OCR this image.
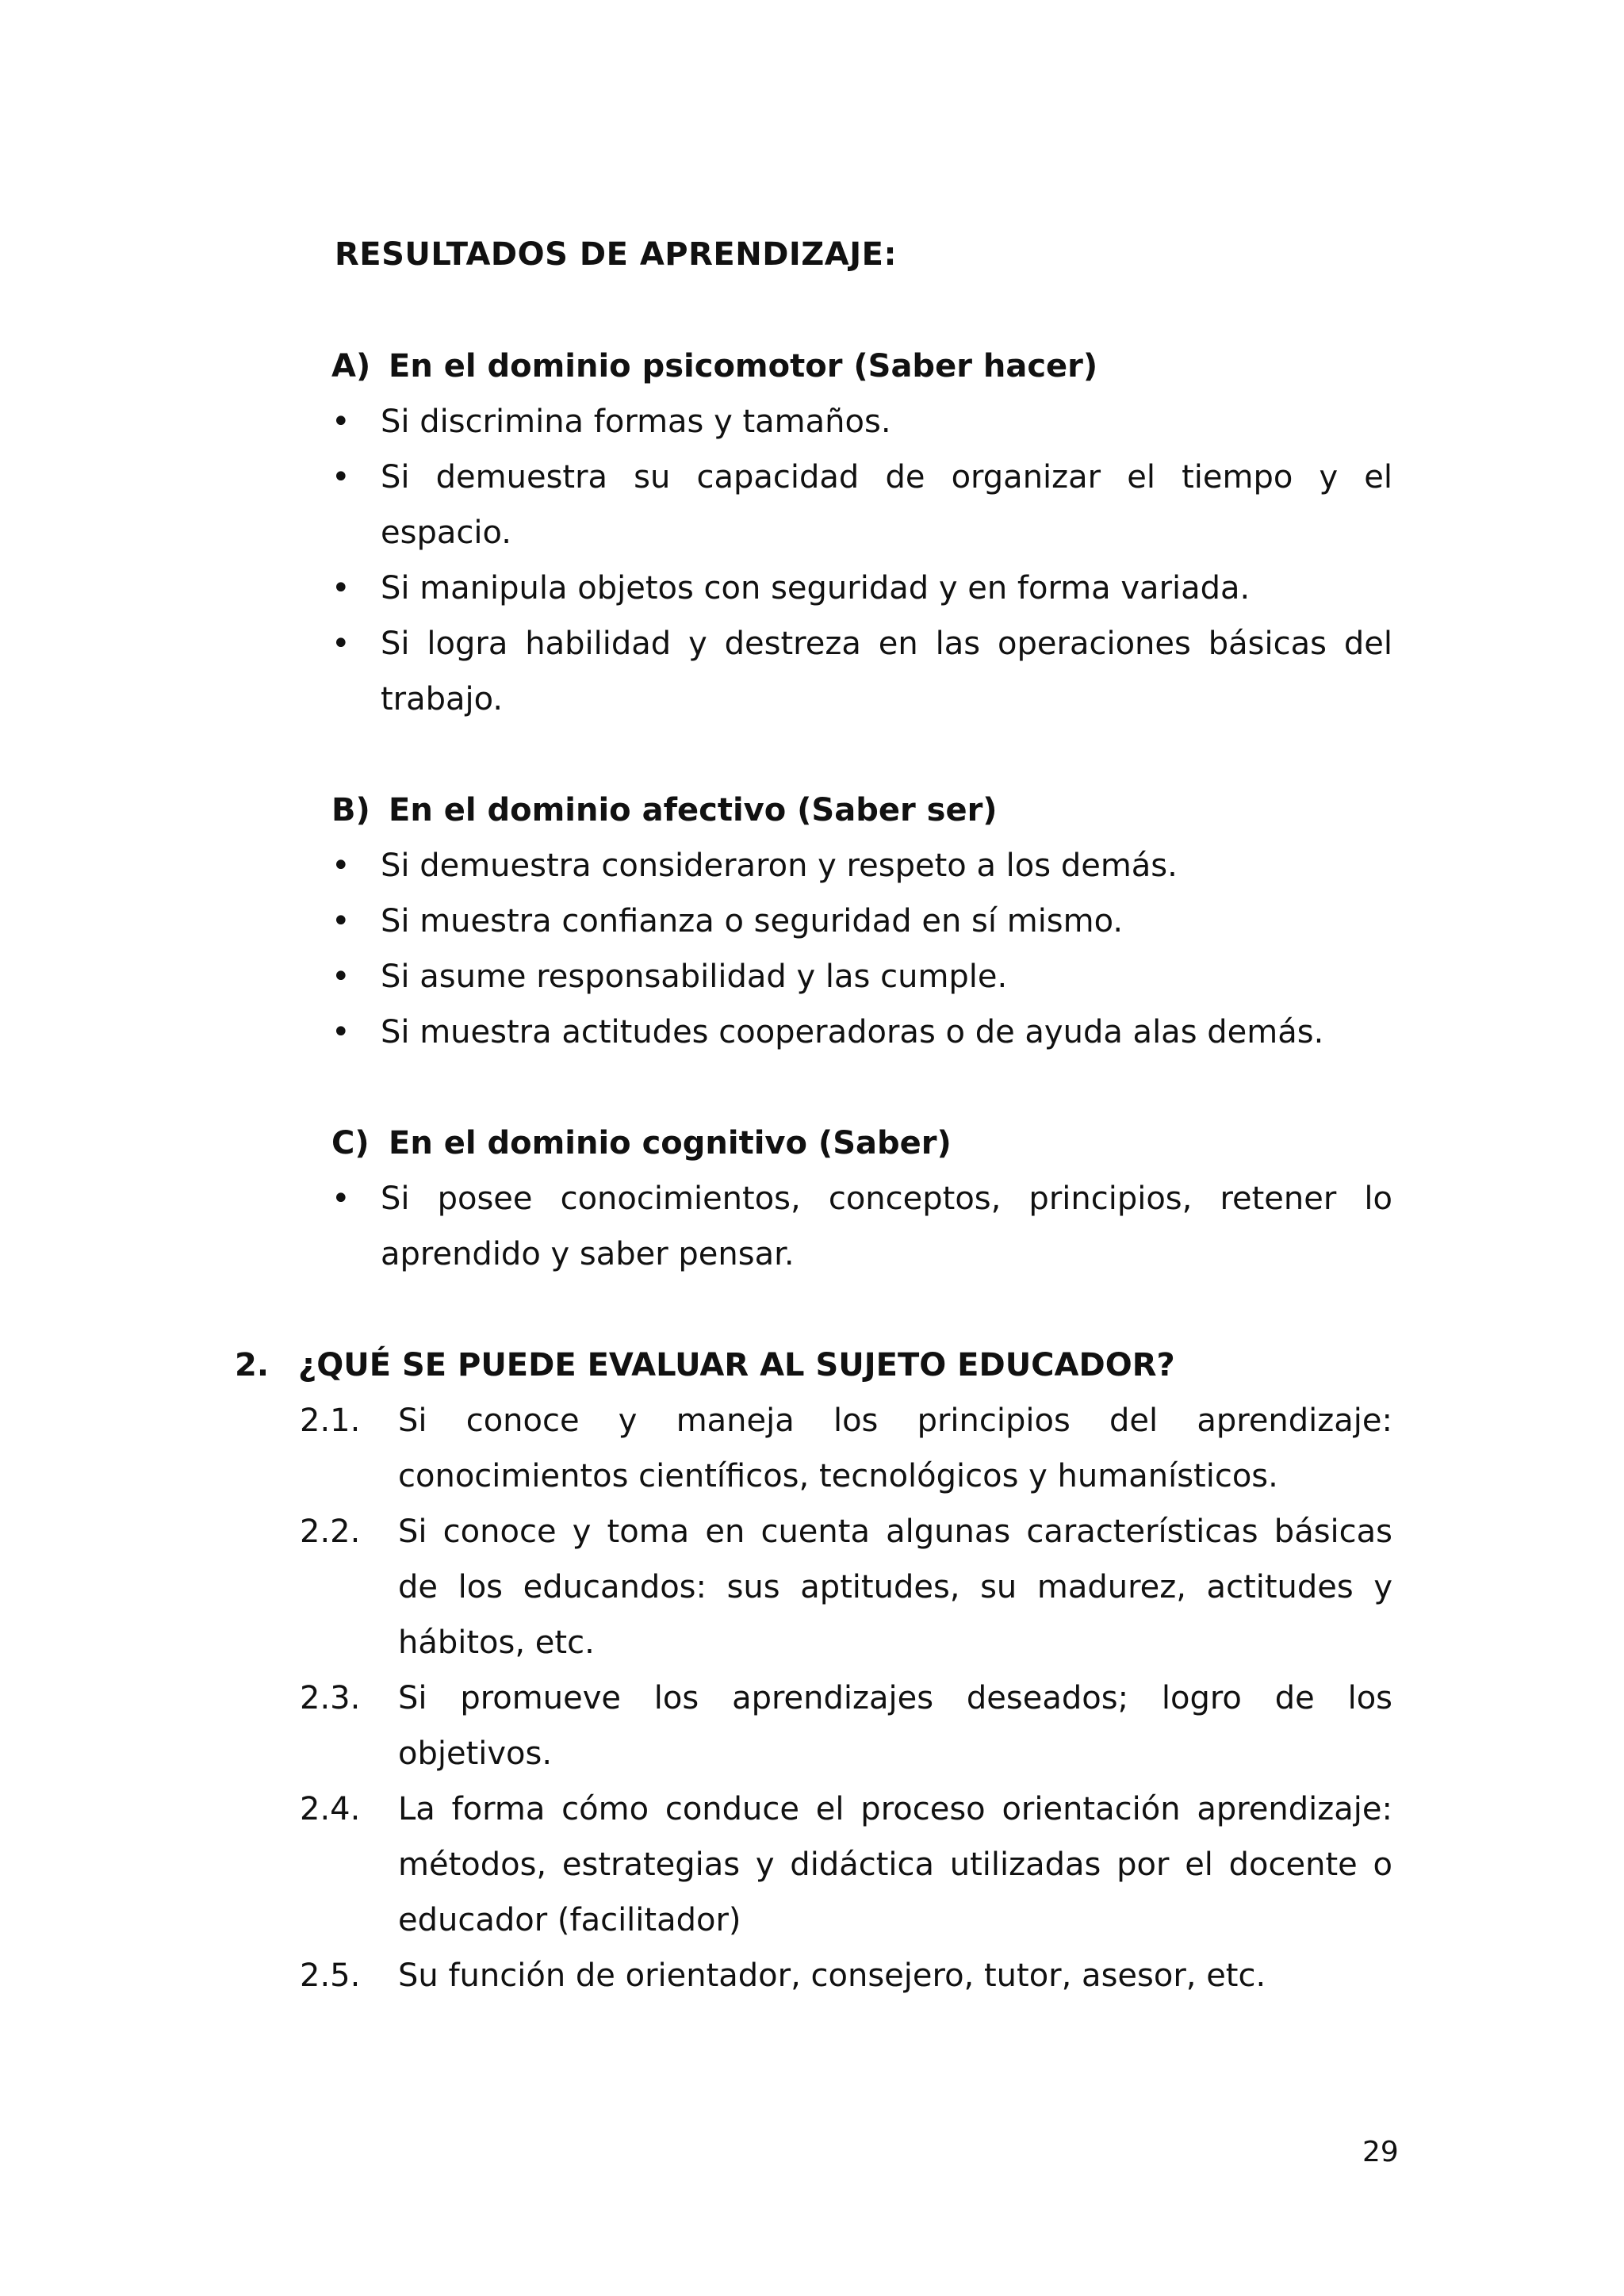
RESULTADOS DE APRENDIZAJE:
A) En el dominio psicomotor (Saber hacer)
• Si discrimina formas y tamaños.
• Si demuestra su capacidad de organizar el tiempo y el
espacio.
• Si manipula objetos con seguridad y en forma variada.
• Si logra habilidad y destreza en las operaciones básicas del
trabajo.
B) En el dominio afectivo (Saber ser)
• Si demuestra consideraron y respeto a los demás.
• Si muestra confianza o seguridad en sí mismo.
• Si asume responsabilidad y las cumple.
• Si muestra actitudes cooperadoras o de ayuda alas demás.
C) En el dominio cognitivo (Saber)
• Si posee conocimientos, conceptos, principios, retener lo
aprendido y saber pensar.
2. ¿QUÉ SE PUEDE EVALUAR AL SUJETO EDUCADOR?
2.1. Si conoce y maneja los principios del aprendizaje:
conocimientos científicos, tecnológicos y humanísticos.
2.2. Si conoce y toma en cuenta algunas características básicas
de los educandos: sus aptitudes, su madurez, actitudes y
hábitos, etc.
2.3. Si promueve los aprendizajes deseados; logro de los
objetivos.
2.4. La forma cómo conduce el proceso orientación aprendizaje:
métodos, estrategias y didáctica utilizadas por el docente o
educador (facilitador)
2.5. Su función de orientador, consejero, tutor, asesor, etc.
29
